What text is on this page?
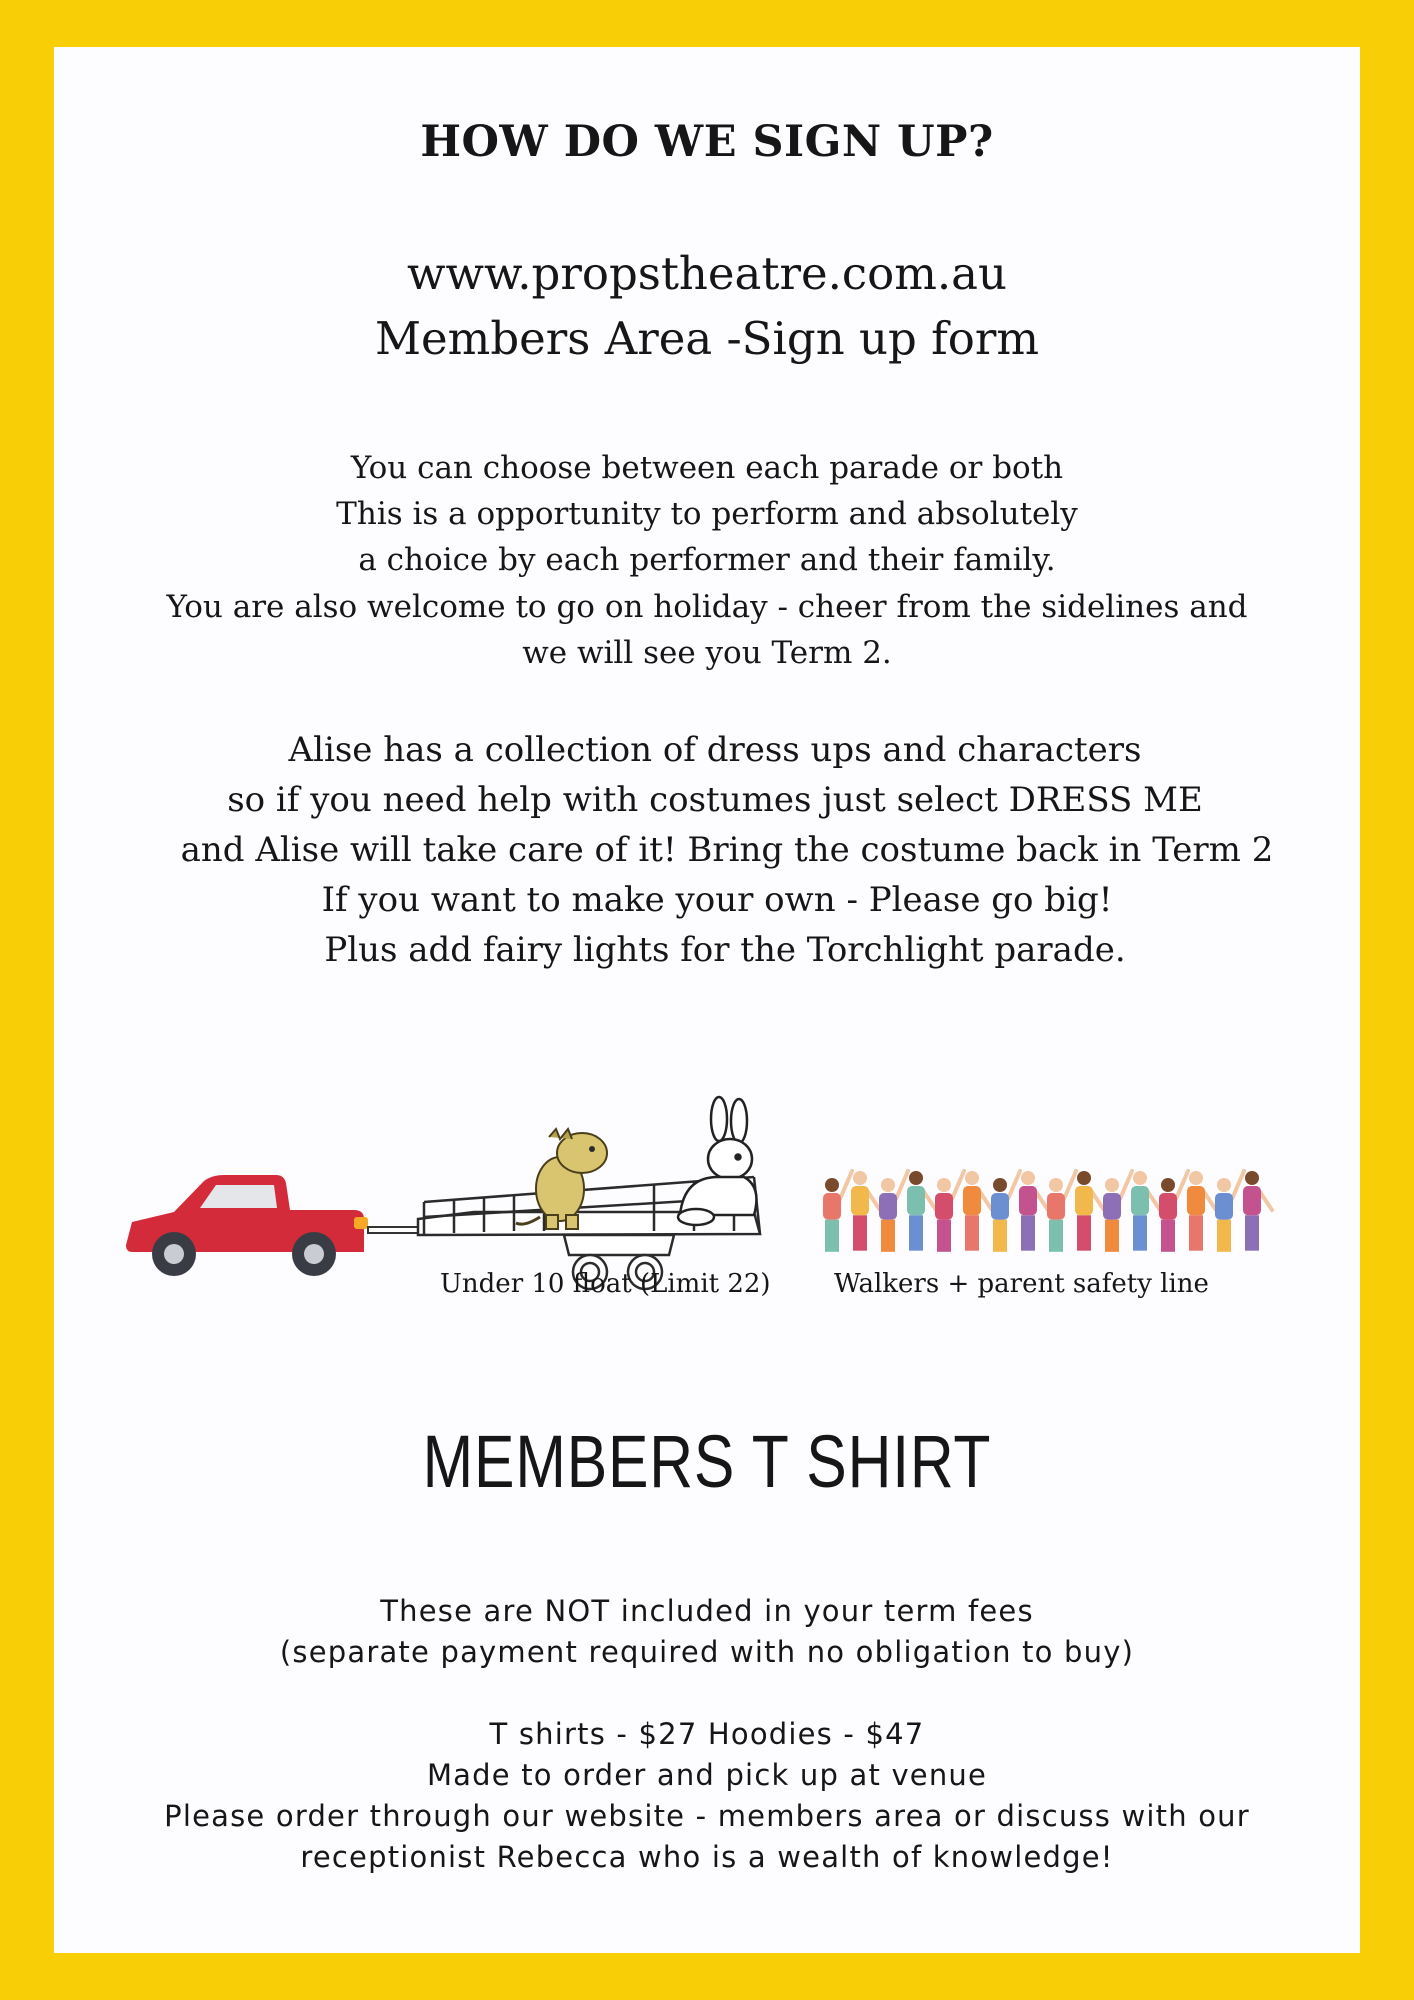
HOW DO WE SIGN UP?
www.propstheatre.com.au
Members Area -Sign up form
You can choose between each parade or both
This is a opportunity to perform and absolutely
a choice by each performer and their family.
You are also welcome to go on holiday - cheer from the sidelines and
we will see you Term 2.
Alise has a collection of dress ups and characters
so if you need help with costumes just select DRESS ME
and Alise will take care of it! Bring the costume back in Term 2
If you want to make your own - Please go big!
Plus add fairy lights for the Torchlight parade.
Under 10 float (Limit 22) Walkers + parent safety line
MEMBERS T SHIRT
These are NOT included in your term fees
(separate payment required with no obligation to buy)
T shirts - $27 Hoodies - $47
Made to order and pick up at venue
Please order through our website - members area or discuss with our
receptionist Rebecca who is a wealth of knowledge!
